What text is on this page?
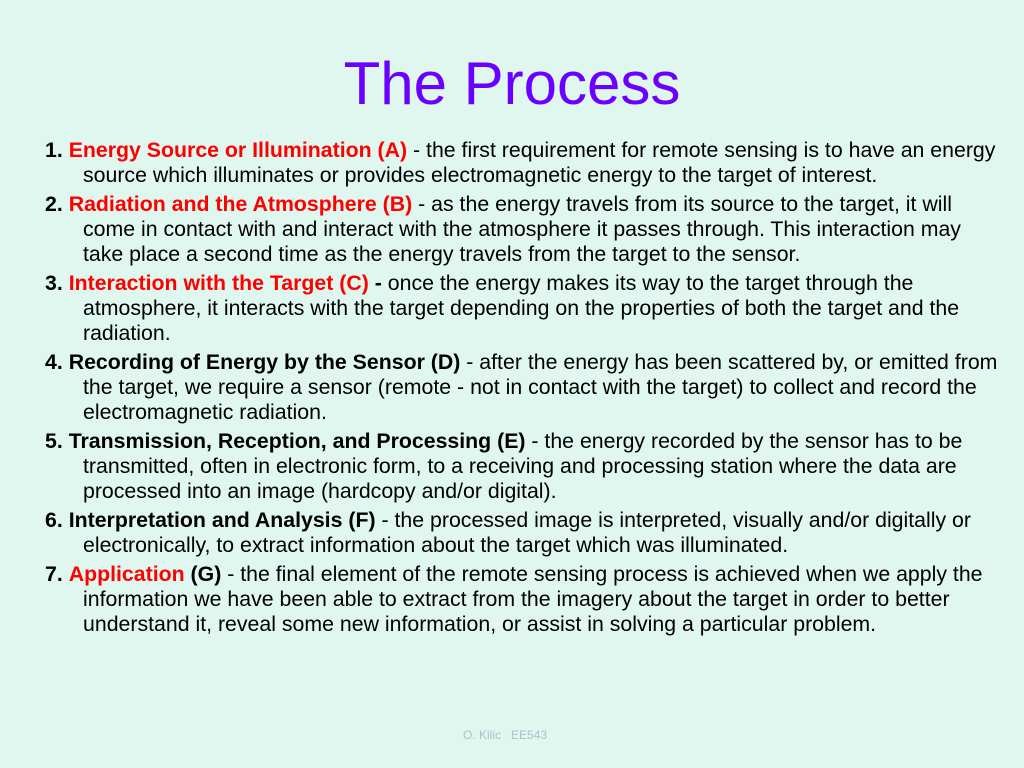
The Process

1. Energy Source or Illumination (A) - the first requirement for remote sensing is to have an energy source which illuminates or provides electromagnetic energy to the target of interest.

2. Radiation and the Atmosphere (B) - as the energy travels from its source to the target, it will come in contact with and interact with the atmosphere it passes through. This interaction may take place a second time as the energy travels from the target to the sensor.

3. Interaction with the Target (C) - once the energy makes its way to the target through the atmosphere, it interacts with the target depending on the properties of both the target and the radiation.

4. Recording of Energy by the Sensor (D) - after the energy has been scattered by, or emitted from the target, we require a sensor (remote - not in contact with the target) to collect and record the electromagnetic radiation.

5. Transmission, Reception, and Processing (E) - the energy recorded by the sensor has to be transmitted, often in electronic form, to a receiving and processing station where the data are processed into an image (hardcopy and/or digital).

6. Interpretation and Analysis (F) - the processed image is interpreted, visually and/or digitally or electronically, to extract information about the target which was illuminated.

7. Application (G) - the final element of the remote sensing process is achieved when we apply the information we have been able to extract from the imagery about the target in order to better understand it, reveal some new information, or assist in solving a particular problem.

O. Kilic   EE543
